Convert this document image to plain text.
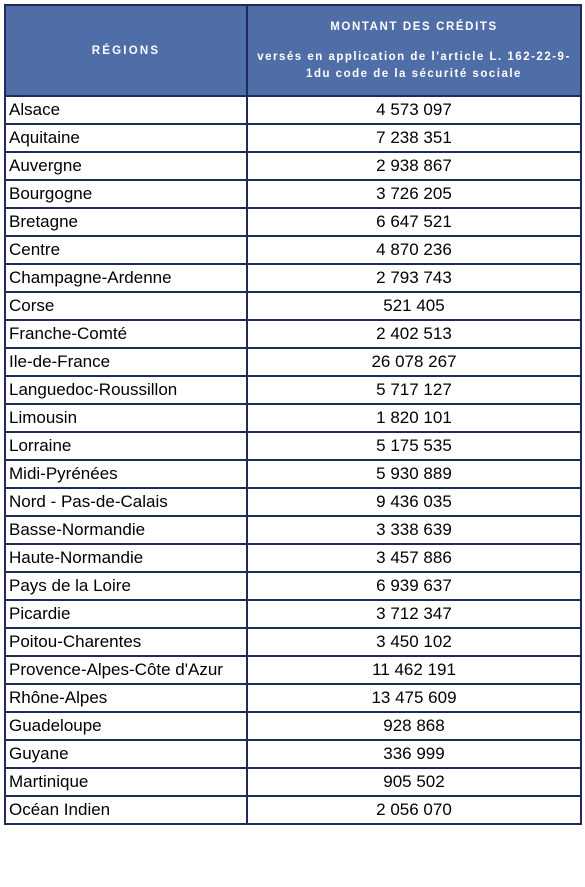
RÉGIONS	MONTANT DES CRÉDITS
versés en application de l'article L. 162-22-9-1du code de la sécurité sociale

Alsace	4 573 097
Aquitaine	7 238 351
Auvergne	2 938 867
Bourgogne	3 726 205
Bretagne	6 647 521
Centre	4 870 236
Champagne-Ardenne	2 793 743
Corse	521 405
Franche-Comté	2 402 513
Ile-de-France	26 078 267
Languedoc-Roussillon	5 717 127
Limousin	1 820 101
Lorraine	5 175 535
Midi-Pyrénées	5 930 889
Nord - Pas-de-Calais	9 436 035
Basse-Normandie	3 338 639
Haute-Normandie	3 457 886
Pays de la Loire	6 939 637
Picardie	3 712 347
Poitou-Charentes	3 450 102
Provence-Alpes-Côte d'Azur	11 462 191
Rhône-Alpes	13 475 609
Guadeloupe	928 868
Guyane	336 999
Martinique	905 502
Océan Indien	2 056 070
